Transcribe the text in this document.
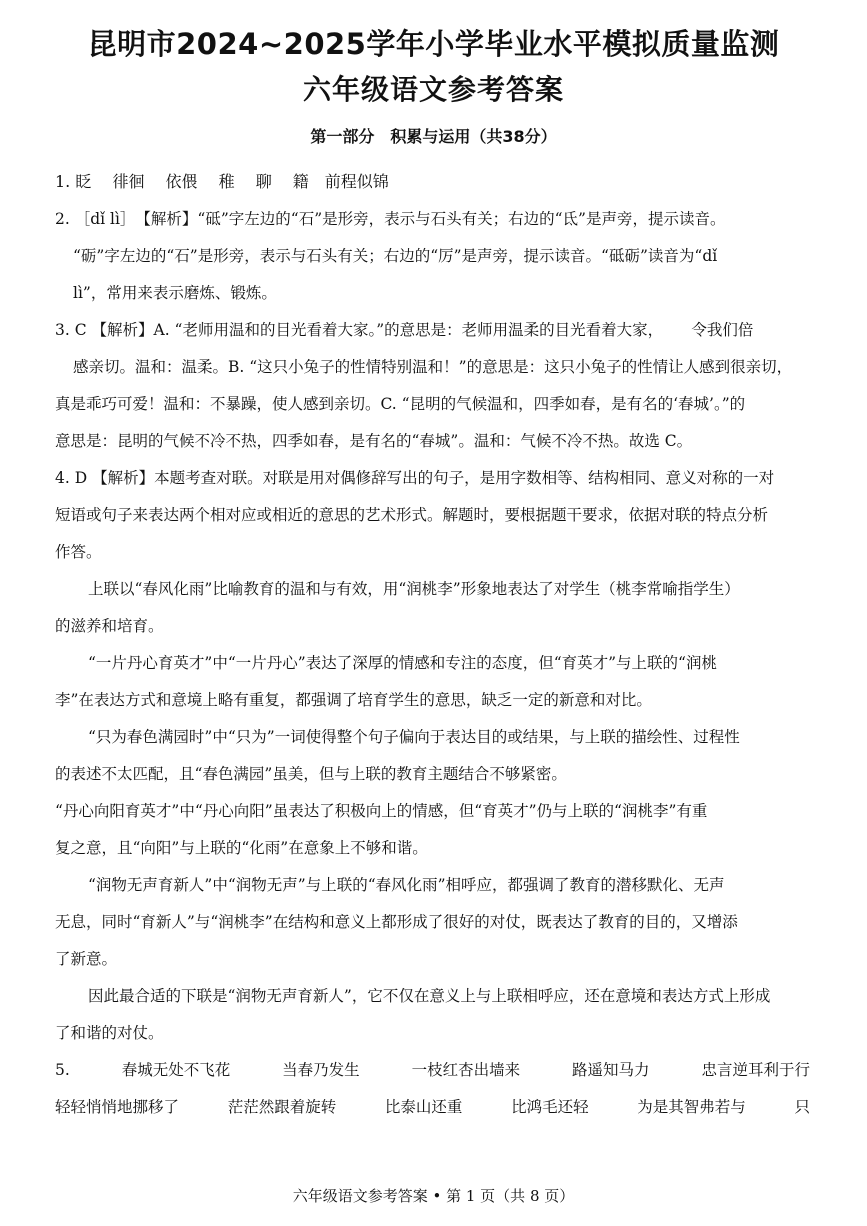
昆明市2024~2025学年小学毕业水平模拟质量监测
六年级语文参考答案
第一部分　积累与运用（共38分）
1. 眨　 徘徊　 依偎　 稚　 聊　 籍　前程似锦
2. ［dǐ lì］　【解析】“砥”字左边的“石”是形旁，表示与石头有关；右边的“氐”是声旁，提示读音。
“砺”字左边的“石”是形旁，表示与石头有关；右边的“厉”是声旁，提示读音。“砥砺”读音为“dǐ
lì”，常用来表示磨炼、锻炼。
3. C 【解析】A. “老师用温和的目光看着大家。”的意思是：老师用温柔的目光看着大家，　　 令我们倍
感亲切。温和：温柔。B. “这只小兔子的性情特别温和！”的意思是：这只小兔子的性情让人感到很亲切，
真是乖巧可爱！温和：不暴躁，使人感到亲切。C. “昆明的气候温和，四季如春，是有名的‘春城’。”的
意思是：昆明的气候不冷不热，四季如春，是有名的“春城”。温和：气候不冷不热。故选 C。
4. D 【解析】本题考查对联。对联是用对偶修辞写出的句子，是用字数相等、结构相同、意义对称的一对
短语或句子来表达两个相对应或相近的意思的艺术形式。解题时，要根据题干要求，依据对联的特点分析
作答。
上联以“春风化雨”比喻教育的温和与有效，用“润桃李”形象地表达了对学生（桃李常喻指学生）
的滋养和培育。
“一片丹心育英才”中“一片丹心”表达了深厚的情感和专注的态度，但“育英才”与上联的“润桃
李”在表达方式和意境上略有重复，都强调了培育学生的意思，缺乏一定的新意和对比。
“只为春色满园时”中“只为”一词使得整个句子偏向于表达目的或结果，与上联的描绘性、过程性
的表述不太匹配，且“春色满园”虽美，但与上联的教育主题结合不够紧密。
“丹心向阳育英才”中“丹心向阳”虽表达了积极向上的情感，但“育英才”仍与上联的“润桃李”有重
复之意，且“向阳”与上联的“化雨”在意象上不够和谐。
“润物无声育新人”中“润物无声”与上联的“春风化雨”相呼应，都强调了教育的潜移默化、无声
无息，同时“育新人”与“润桃李”在结构和意义上都形成了很好的对仗，既表达了教育的目的，又增添
了新意。
因此最合适的下联是“润物无声育新人”，它不仅在意义上与上联相呼应，还在意境和表达方式上形成
了和谐的对仗。
5.	春城无处不飞花	当春乃发生	一枝红杏出墙来	路遥知马力	忠言逆耳利于行
轻轻悄悄地挪移了	茫茫然跟着旋转	比泰山还重	比鸿毛还轻	为是其智弗若与	只
六年级语文参考答案 • 第 1 页（共 8 页）
